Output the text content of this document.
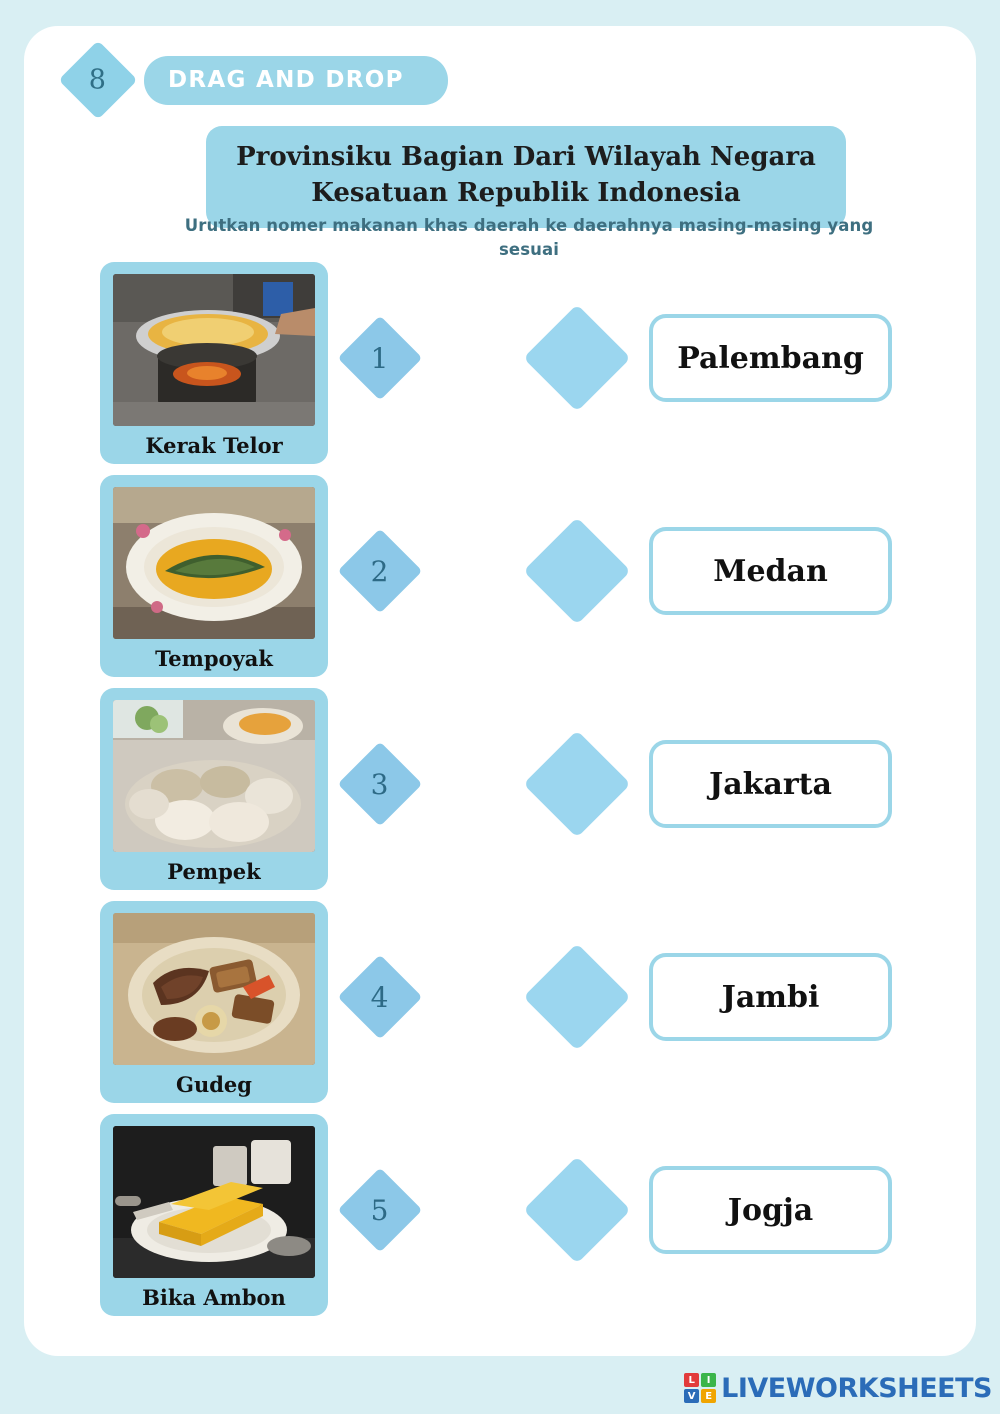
8	DRAG AND DROP
Provinsiku Bagian Dari Wilayah Negara
Kesatuan Republik Indonesia
Urutkan nomer makanan khas daerah ke daerahnya masing-masing yang sesuai
Kerak Telor
1	Palembang
Tempoyak
2	Medan
Pempek
3	Jakarta
Gudeg
4	Jambi
Bika Ambon
5	Jogja
L	I
V E LIVEWORKSHEETS
